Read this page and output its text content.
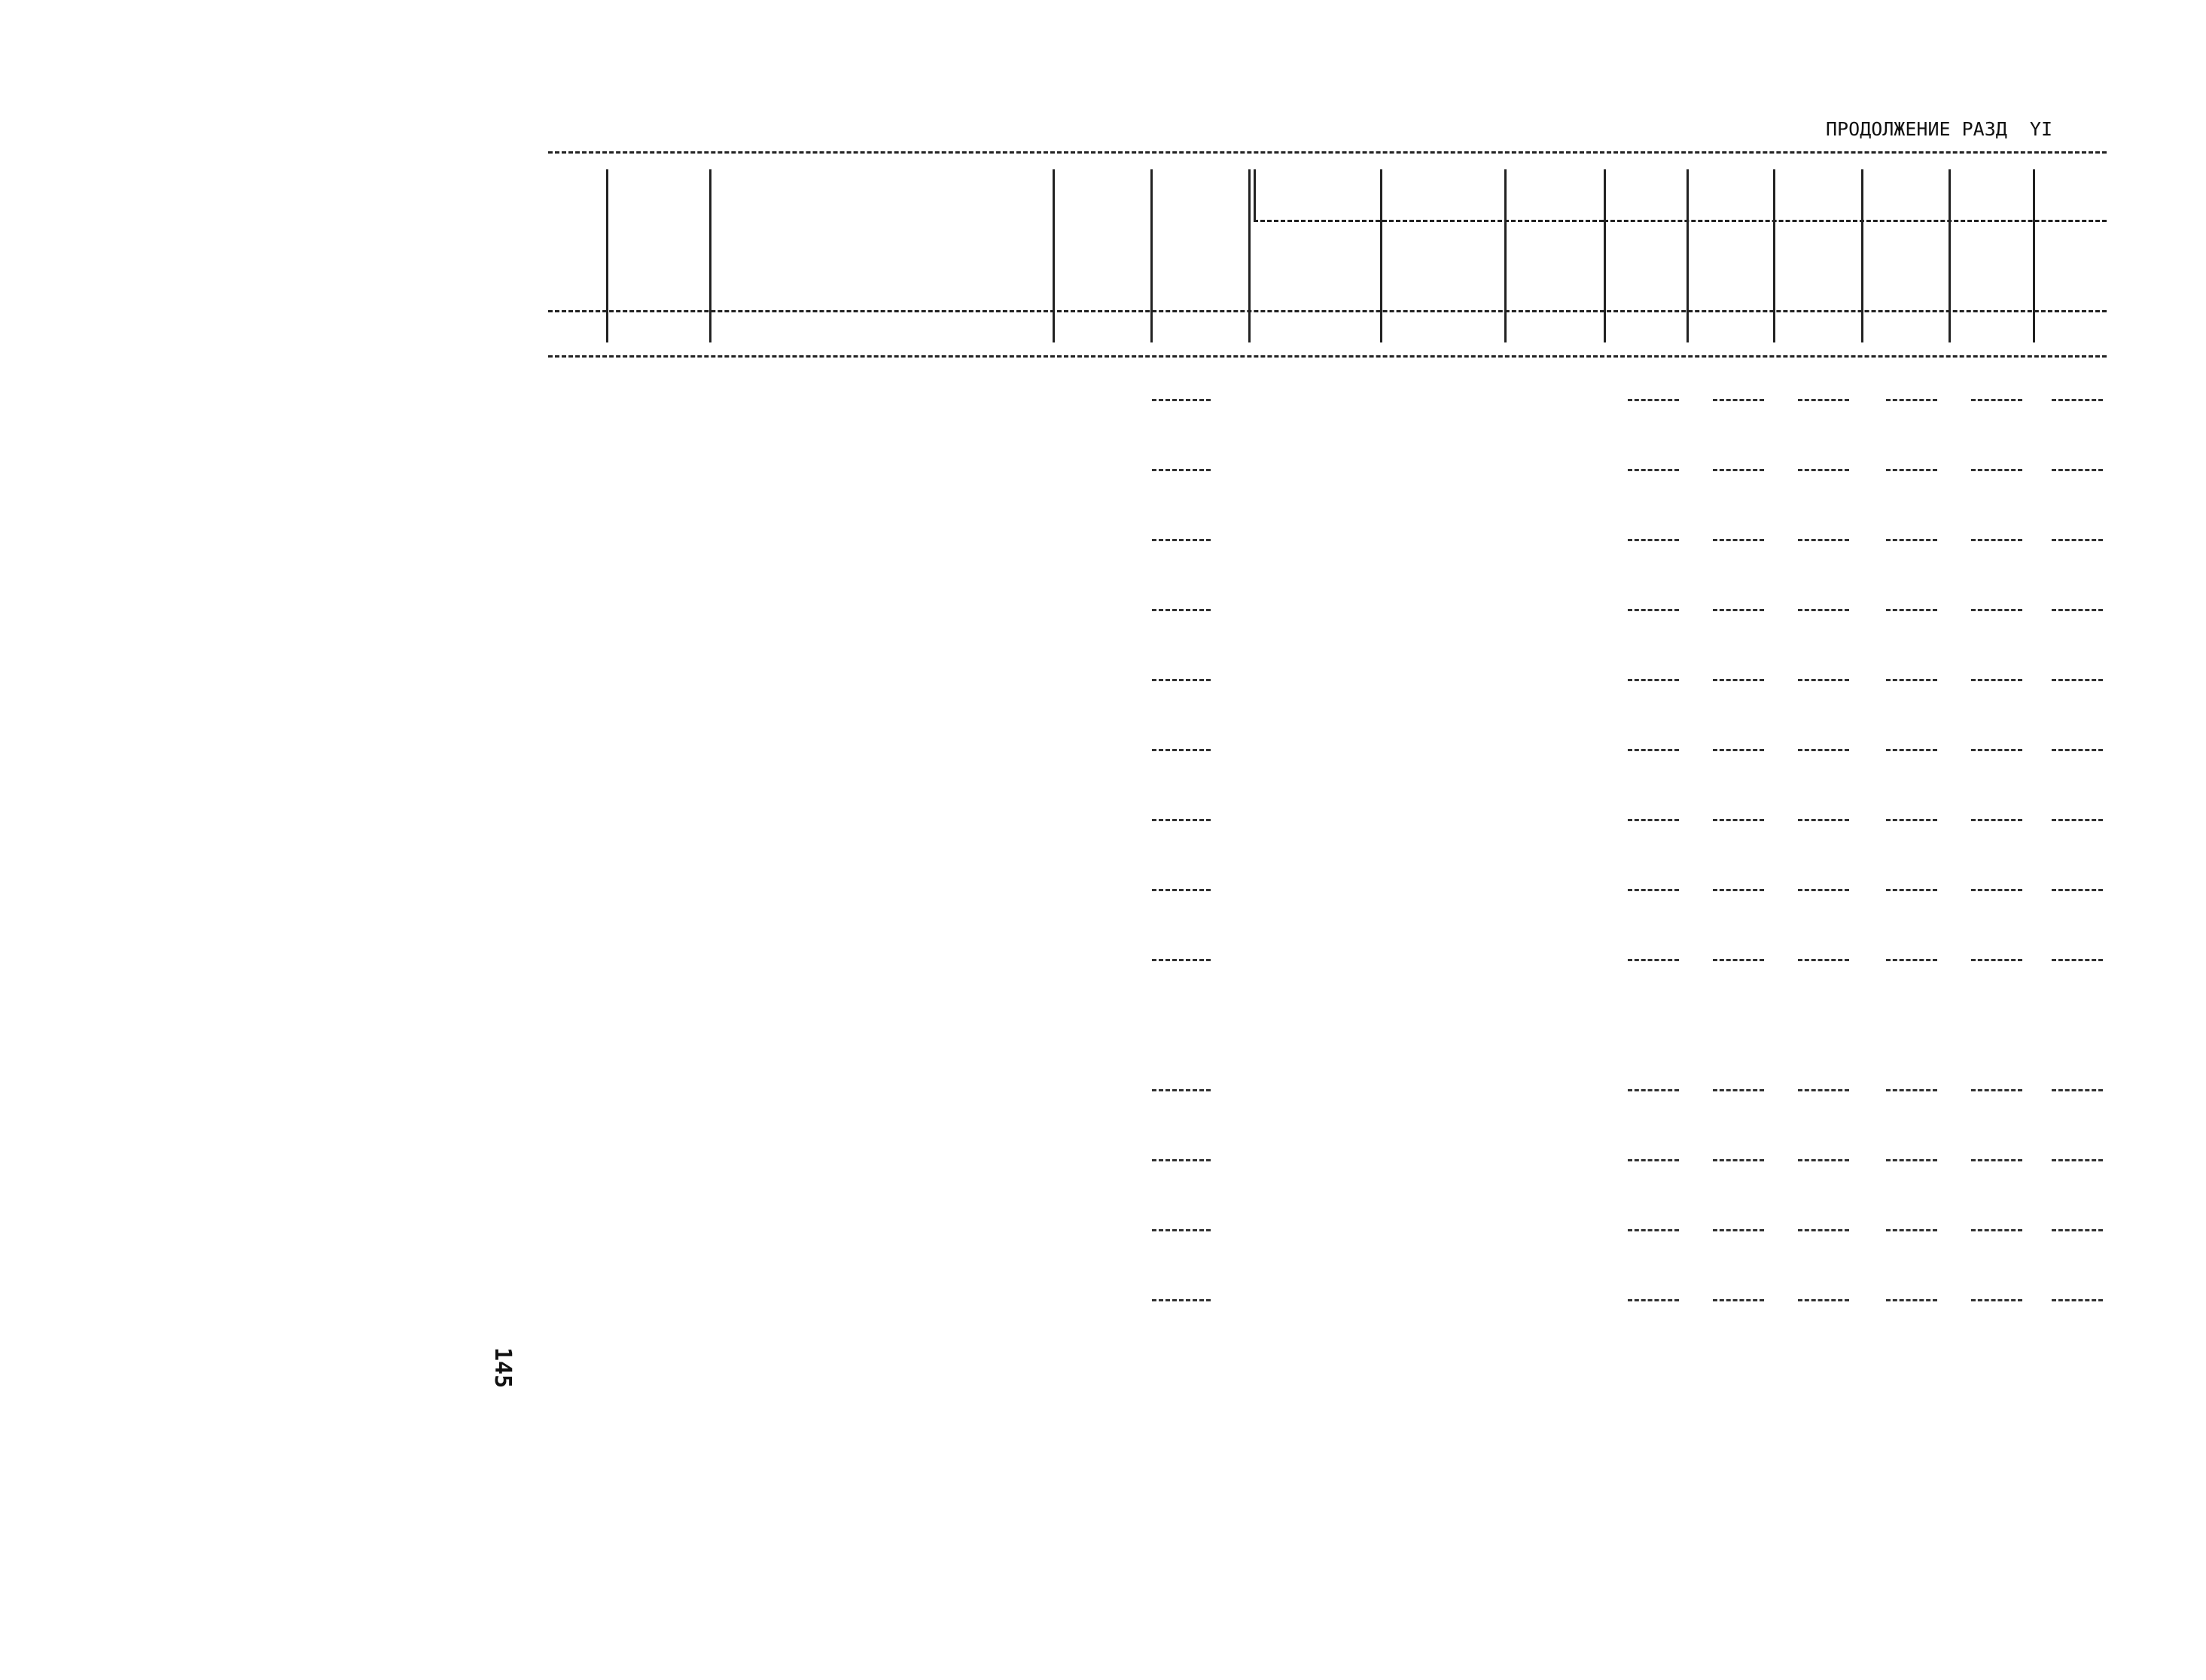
ПРОДОЛЖЕНИЕ РАЗД  YI
145
